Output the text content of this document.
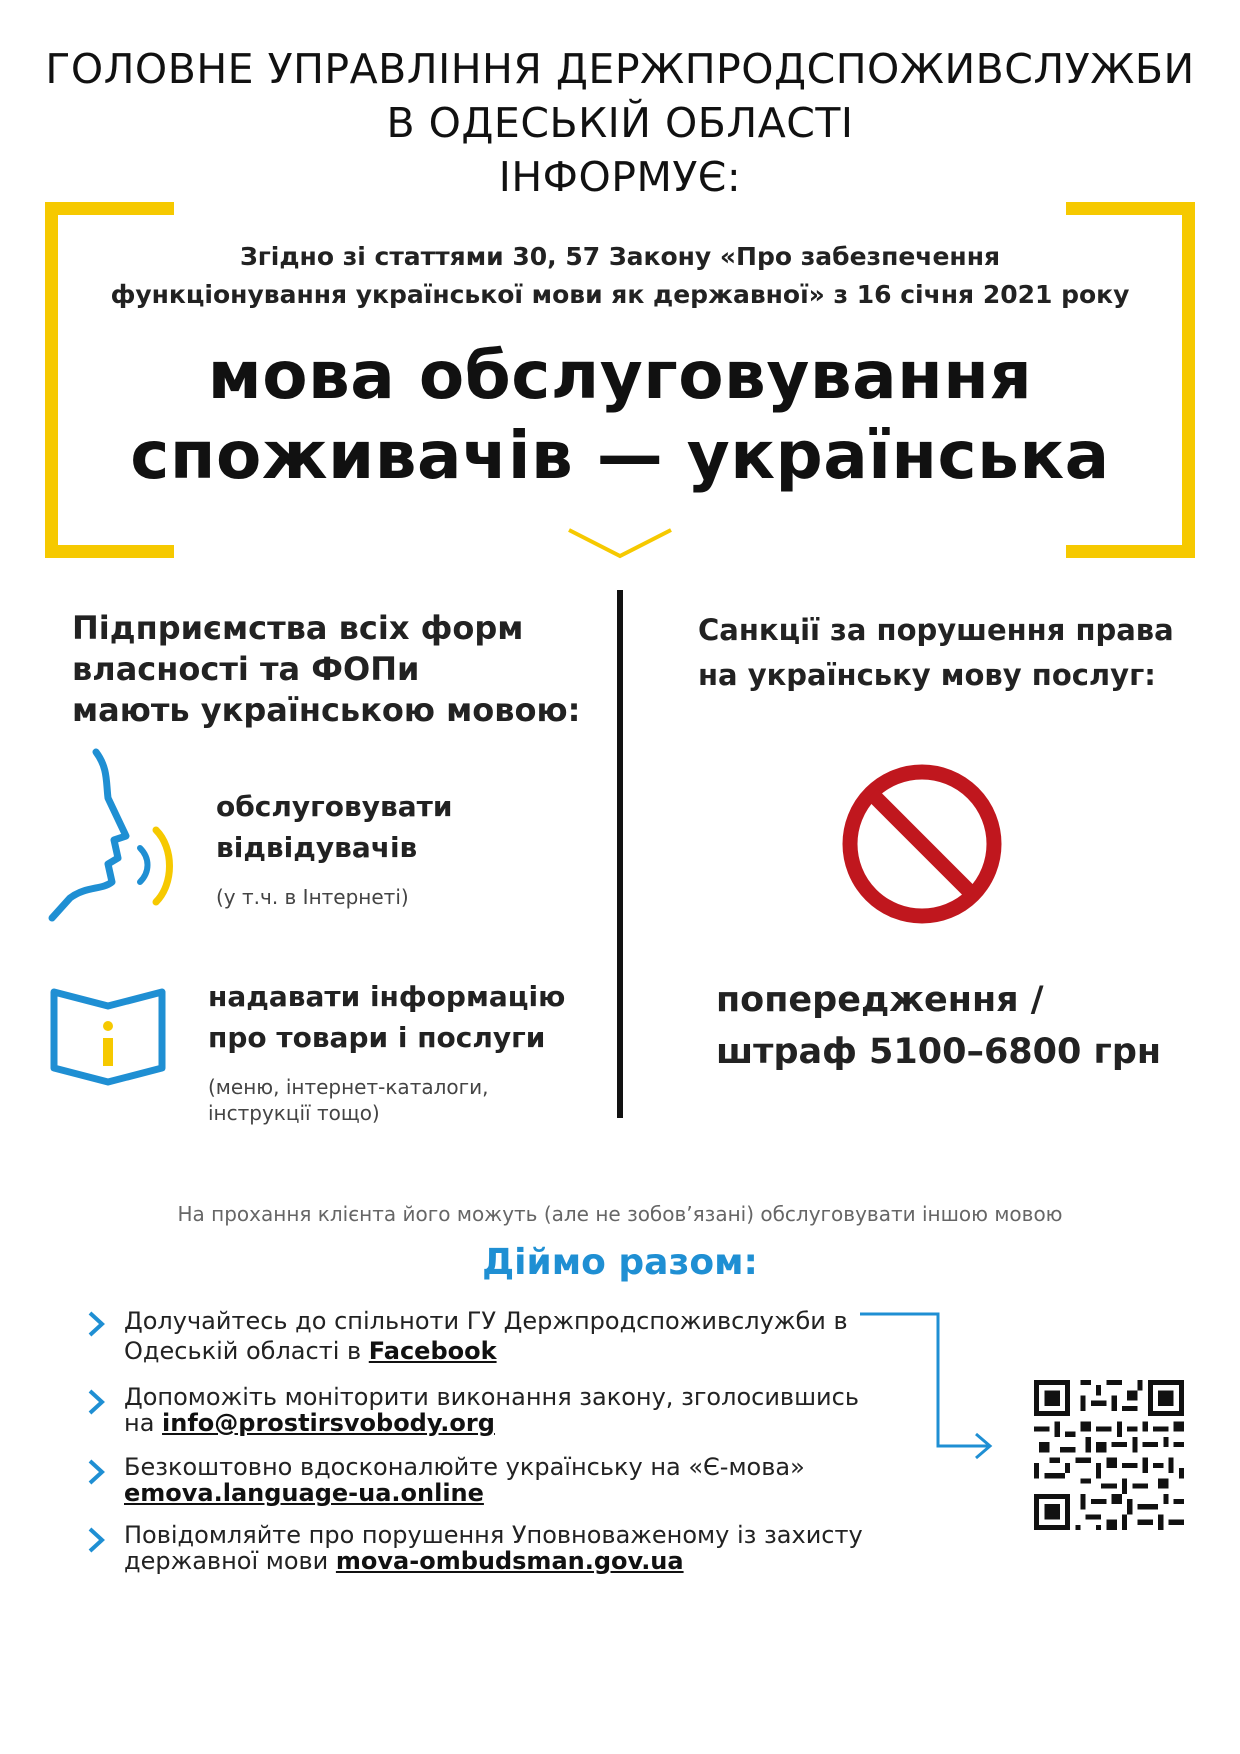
ГОЛОВНЕ УПРАВЛІННЯ ДЕРЖПРОДСПОЖИВСЛУЖБИ
В ОДЕСЬКІЙ ОБЛАСТІ
ІНФОРМУЄ:
Згідно зі статтями 30, 57 Закону «Про забезпечення
функціонування української мови як державної» з 16 січня 2021 року
мова обслуговування
споживачів — українська
Підприємства всіх форм
власності та ФОПи
мають українською мовою:
обслуговувати
відвідувачів
(у т.ч. в Інтернеті)
надавати інформацію
про товари і послуги
(меню, інтернет-каталоги,
інструкції тощо)
Санкції за порушення права
на українську мову послуг:
попередження /
штраф 5100–6800 грн
На прохання клієнта його можуть (але не зобов’язані) обслуговувати іншою мовою
Діймо разом:
Долучайтесь до спільноти ГУ Держпродспоживслужби в
Одеській області в Facebook
Допоможіть моніторити виконання закону, зголосившись
на info@prostirsvobody.org
Безкоштовно вдосконалюйте українську на «Є-мова»
emova.language-ua.online
Повідомляйте про порушення Уповноваженому із захисту
державної мови mova-ombudsman.gov.ua
